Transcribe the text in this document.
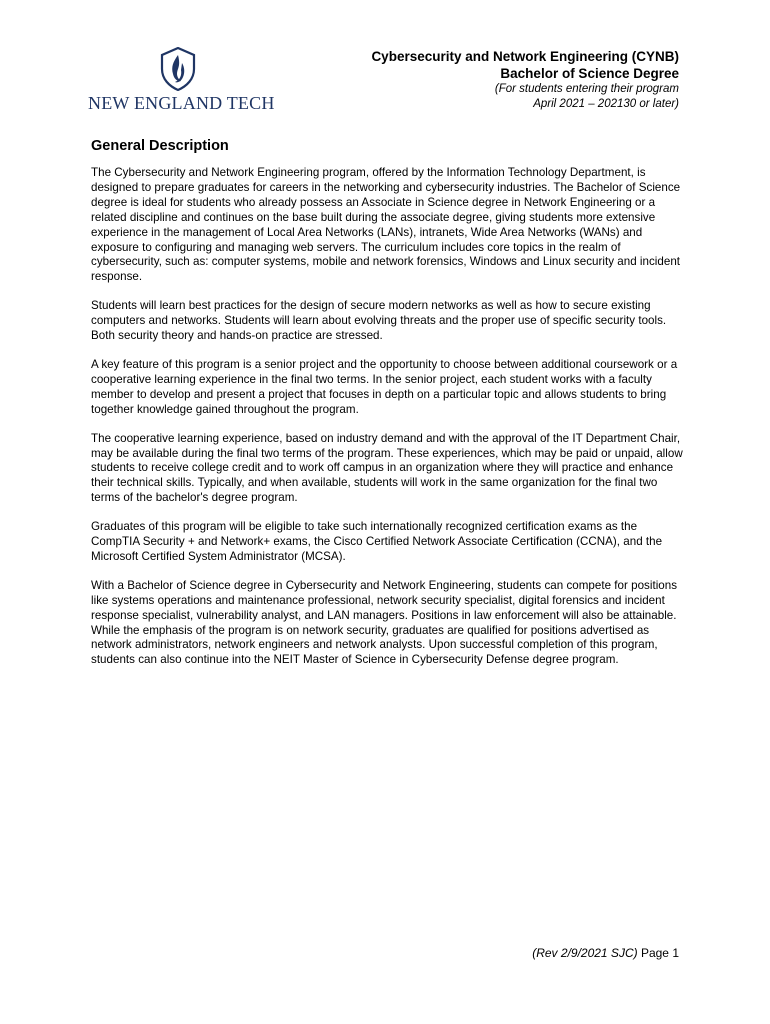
NEW ENGLAND TECH
Cybersecurity and Network Engineering (CYNB)
Bachelor of Science Degree
(For students entering their program
April 2021 – 202130 or later)
General Description

The Cybersecurity and Network Engineering program, offered by the Information Technology Department, is designed to prepare graduates for careers in the networking and cybersecurity industries. The Bachelor of Science degree is ideal for students who already possess an Associate in Science degree in Network Engineering or a related discipline and continues on the base built during the associate degree, giving students more extensive experience in the management of Local Area Networks (LANs), intranets, Wide Area Networks (WANs) and exposure to configuring and managing web servers. The curriculum includes core topics in the realm of cybersecurity, such as: computer systems, mobile and network forensics, Windows and Linux security and incident response.

Students will learn best practices for the design of secure modern networks as well as how to secure existing computers and networks. Students will learn about evolving threats and the proper use of specific security tools. Both security theory and hands-on practice are stressed.

A key feature of this program is a senior project and the opportunity to choose between additional coursework or a cooperative learning experience in the final two terms. In the senior project, each student works with a faculty member to develop and present a project that focuses in depth on a particular topic and allows students to bring together knowledge gained throughout the program.

The cooperative learning experience, based on industry demand and with the approval of the IT Department Chair, may be available during the final two terms of the program. These experiences, which may be paid or unpaid, allow students to receive college credit and to work off campus in an organization where they will practice and enhance their technical skills. Typically, and when available, students will work in the same organization for the final two terms of the bachelor's degree program.

Graduates of this program will be eligible to take such internationally recognized certification exams as the CompTIA Security + and Network+ exams, the Cisco Certified Network Associate Certification (CCNA), and the Microsoft Certified System Administrator (MCSA).

With a Bachelor of Science degree in Cybersecurity and Network Engineering, students can compete for positions like systems operations and maintenance professional, network security specialist, digital forensics and incident response specialist, vulnerability analyst, and LAN managers. Positions in law enforcement will also be attainable. While the emphasis of the program is on network security, graduates are qualified for positions advertised as network administrators, network engineers and network analysts. Upon successful completion of this program, students can also continue into the NEIT Master of Science in Cybersecurity Defense degree program.

(Rev 2/9/2021 SJC) Page 1
